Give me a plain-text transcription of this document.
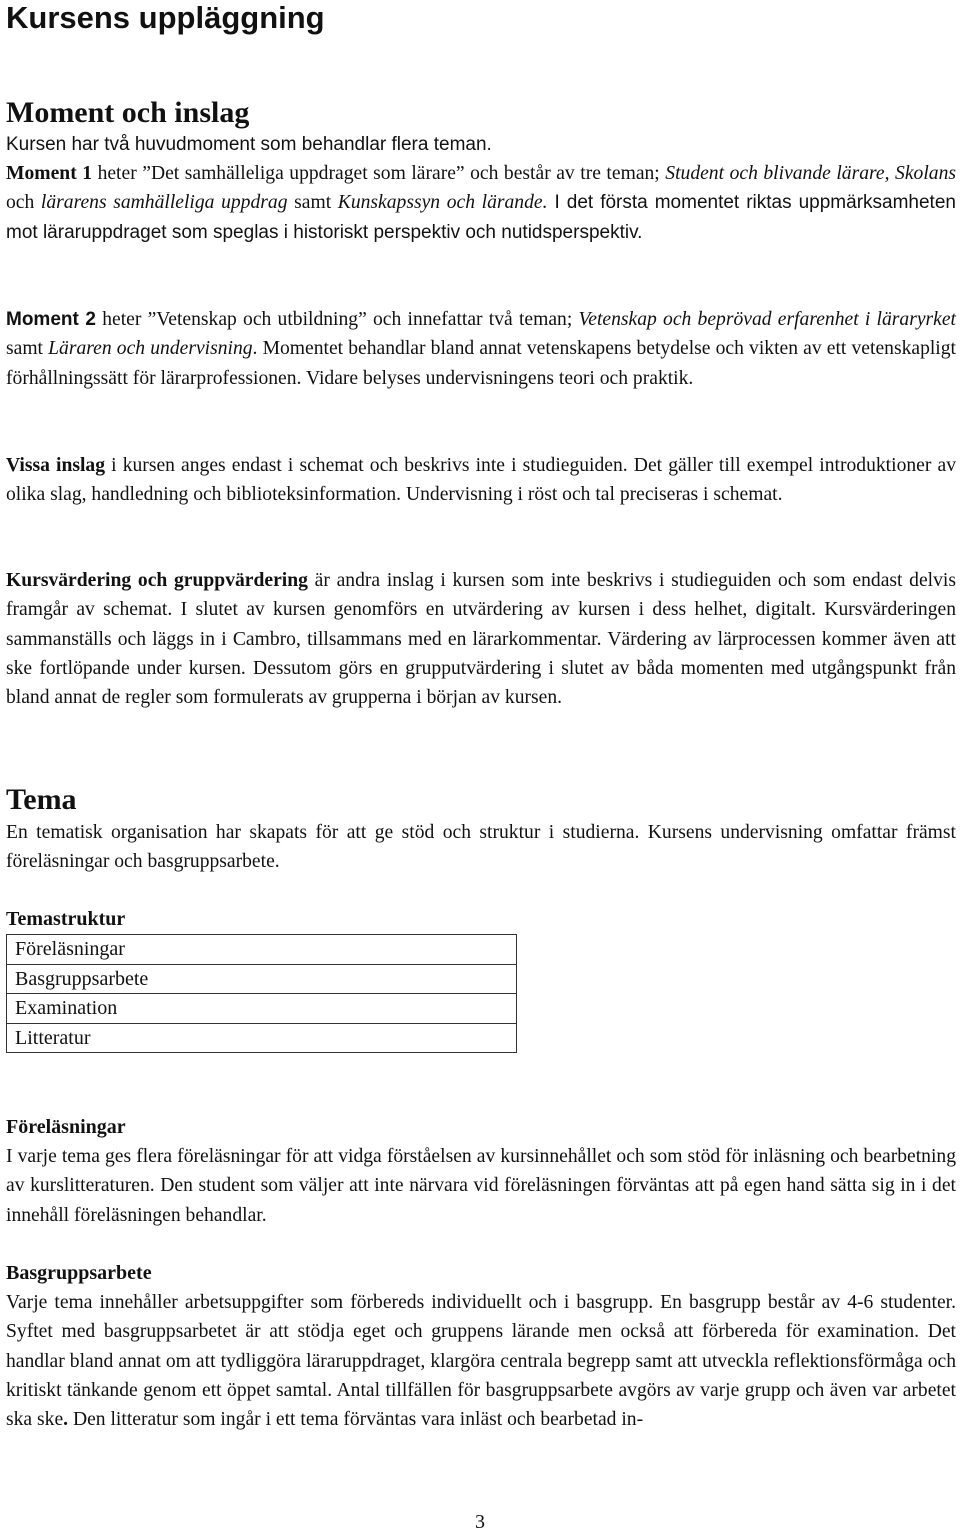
Kursens uppläggning
Moment och inslag

Kursen har två huvudmoment som behandlar flera teman.

Moment 1 heter ”Det samhälleliga uppdraget som lärare” och består av tre teman; Student och blivande lärare, Skolans och lärarens samhälleliga uppdrag samt Kunskapssyn och lärande. I det första momentet riktas uppmärksamheten mot läraruppdraget som speglas i historiskt perspektiv och nutidsperspektiv.

Moment 2 heter ”Vetenskap och utbildning” och innefattar två teman; Vetenskap och beprövad erfarenhet i läraryrket samt Läraren och undervisning. Momentet behandlar bland annat vetenskapens betydelse och vikten av ett vetenskapligt förhållningssätt för lärarprofessionen. Vidare belyses undervisningens teori och praktik.

Vissa inslag i kursen anges endast i schemat och beskrivs inte i studieguiden. Det gäller till exempel introduktioner av olika slag, handledning och biblioteksinformation. Undervisning i röst och tal preciseras i schemat.

Kursvärdering och gruppvärdering är andra inslag i kursen som inte beskrivs i studieguiden och som endast delvis framgår av schemat. I slutet av kursen genomförs en utvärdering av kursen i dess helhet, digitalt. Kursvärderingen sammanställs och läggs in i Cambro, tillsammans med en lärarkommentar. Värdering av lärprocessen kommer även att ske fortlöpande under kursen. Dessutom görs en grupputvärdering i slutet av båda momenten med utgångspunkt från bland annat de regler som formulerats av grupperna i början av kursen.

Tema

En tematisk organisation har skapats för att ge stöd och struktur i studierna. Kursens undervisning omfattar främst föreläsningar och basgruppsarbete.

Temastruktur
Föreläsningar
Basgruppsarbete
Examination
Litteratur
Föreläsningar

I varje tema ges flera föreläsningar för att vidga förståelsen av kursinnehållet och som stöd för inläsning och bearbetning av kurslitteraturen. Den student som väljer att inte närvara vid föreläsningen förväntas att på egen hand sätta sig in i det innehåll föreläsningen behandlar.

Basgruppsarbete

Varje tema innehåller arbetsuppgifter som förbereds individuellt och i basgrupp. En basgrupp består av 4-6 studenter. Syftet med basgruppsarbetet är att stödja eget och gruppens lärande men också att förbereda för examination. Det handlar bland annat om att tydliggöra läraruppdraget, klargöra centrala begrepp samt att utveckla reflektionsförmåga och kritiskt tänkande genom ett öppet samtal. Antal tillfällen för basgruppsarbete avgörs av varje grupp och även var arbetet ska ske. Den litteratur som ingår i ett tema förväntas vara inläst och bearbetad in-

3
